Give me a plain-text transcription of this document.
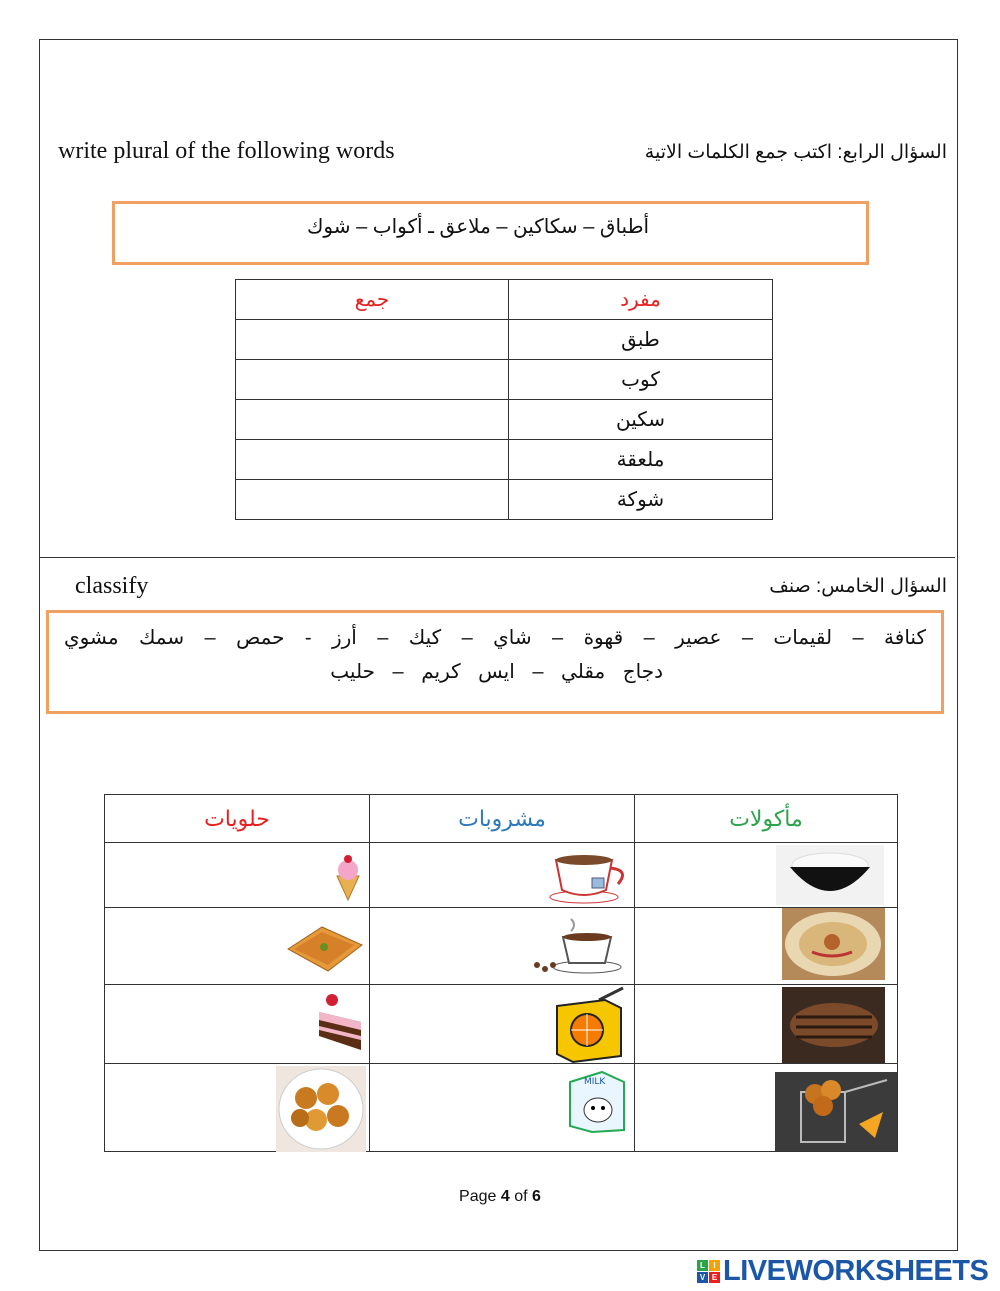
write plural of the following words	السؤال الرابع: اكتب جمع الكلمات الاتية
أطباق – سكاكين – ملاعق ـ أكواب – شوك
جمع	مفرد
	طبق
	كوب
	سكين
	ملعقة
	شوكة
classify	السؤال الخامس: صنف
كنافة – لقيمات – عصير – قهوة – شاي – كيك – أرز - حمص – سمك مشوي
دجاج مقلي – ايس كريم – حليب
حلويات	مشروبات	مأكولات

MILK
Page 4 of 6
L	I
V E LIVEWORKSHEETS
